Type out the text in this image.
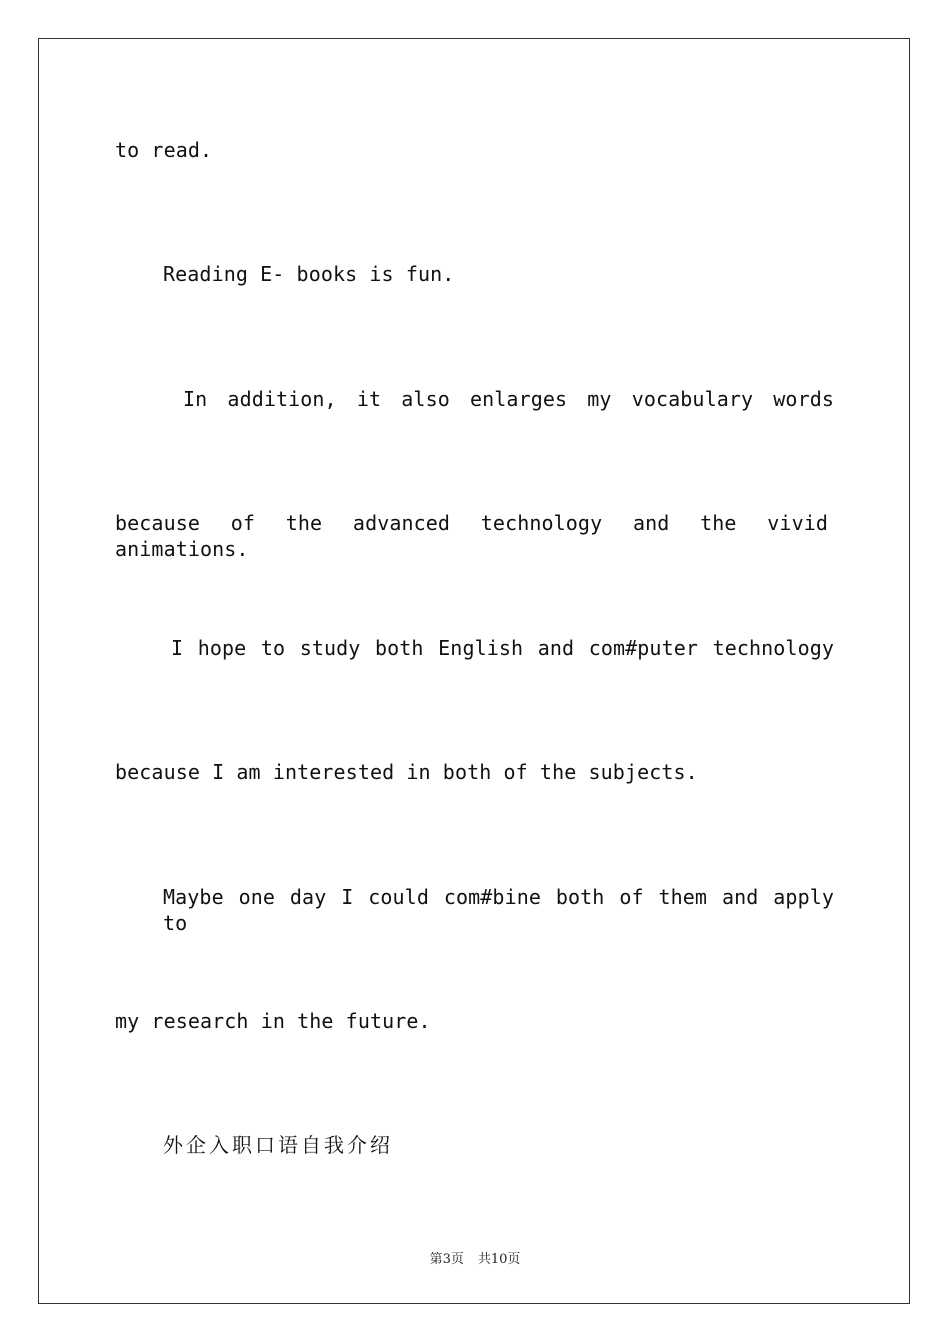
to read.
Reading E- books is fun.
In addition, it also enlarges my vocabulary words
because of the advanced technology and the vivid animations.
I hope to study both English and com#puter technology
because I am interested in both of the subjects.
Maybe one day I could com#bine both of them and apply to
my research in the future.
外企入职口语自我介绍
第3页 共10页
